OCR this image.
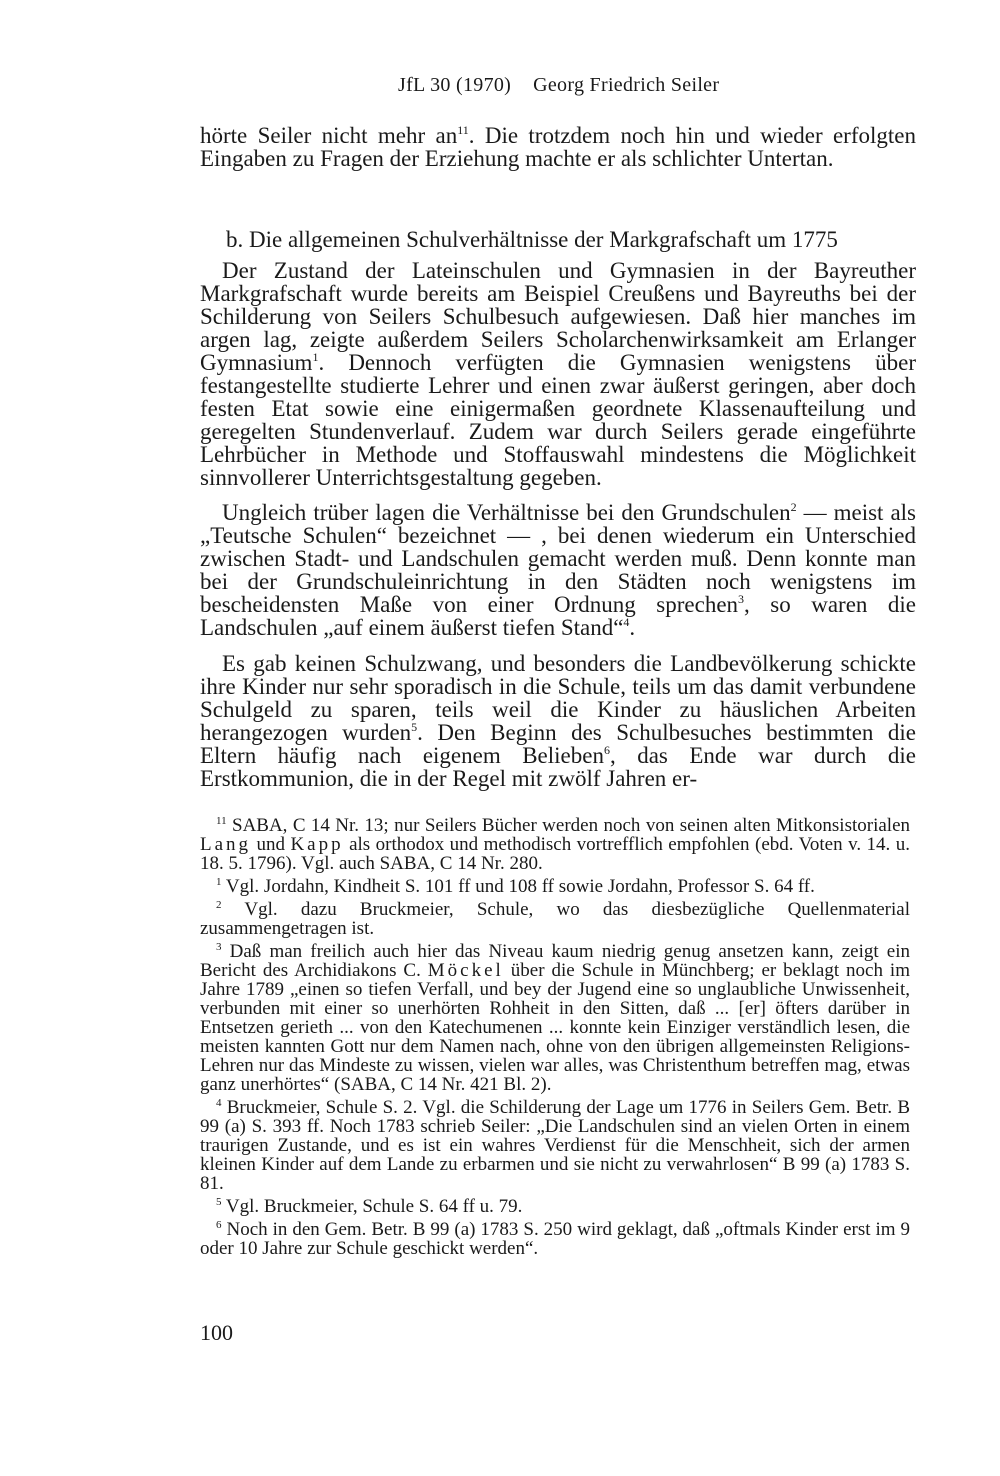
JfL 30 (1970) Georg Friedrich Seiler

hörte Seiler nicht mehr $an^{11}$. Die trotzdem noch hin und wieder erfolgten Eingaben zu Fragen der Erziehung machte er als schlichter Untertan.

b. Die allgemeinen Schulverhältnisse der Markgrafschaft um 1775

Der Zustand der Lateinschulen und Gymnasien in der Bayreuther Markgrafschaft wurde bereits am Beispiel Creußens und Bayreuths bei der Schilderung von Seilers Schulbesuch aufgewiesen. Daß hier manches im argen lag, zeigte außerdem Seilers Scholarchenwirksamkeit am Erlanger Gymnasium$^1$. Dennoch verfügten die Gymnasien wenigstens über festangestellte studierte Lehrer und einen zwar äußerst geringen, aber doch festen Etat sowie eine einigermaßen geordnete Klassenaufteilung und geregelten Stundenverlauf. Zudem war durch Seilers gerade eingeführte Lehrbücher in Methode und Stoffauswahl mindestens die Möglichkeit sinnvollerer Unterrichtsgestaltung gegeben.

Ungleich trüber lagen die Verhältnisse bei den Grundschulen$^2$ — meist als „Teutsche Schulen“ bezeichnet — , bei denen wiederum ein Unterschied zwischen Stadt- und Landschulen gemacht werden muß. Denn konnte man bei der Grundschuleinrichtung in den Städten noch wenigstens im bescheidensten Maße von einer Ordnung sprechen$^3$, so waren die Landschulen „auf einem äußerst tiefen Stand“$^4$.

Es gab keinen Schulzwang, und besonders die Landbevölkerung schickte ihre Kinder nur sehr sporadisch in die Schule, teils um das damit verbundene Schulgeld zu sparen, teils weil die Kinder zu häuslichen Arbeiten herangezogen wurden$^5$. Den Beginn des Schulbesuches bestimmten die Eltern häufig nach eigenem Belieben$^6$, das Ende war durch die Erstkommunion, die in der Regel mit zwölf Jahren er-

$^{11}$ SABA, C 14 Nr. 13; nur Seilers Bücher werden noch von seinen alten Mitkonsistorialen Lang und Kapp als orthodox und methodisch vortrefflich empfohlen (ebd. Voten v. 14. u. 18. 5. 1796). Vgl. auch SABA, C 14 Nr. 280.

$^1$ Vgl. Jordahn, Kindheit S. 101 ff und 108 ff sowie Jordahn, Professor S. 64 ff.

$^2$ Vgl. dazu Bruckmeier, Schule, wo das diesbezügliche Quellenmaterial zusammengetragen ist.

$^3$ Daß man freilich auch hier das Niveau kaum niedrig genug ansetzen kann, zeigt ein Bericht des Archidiakons C. Möckel über die Schule in Münchberg; er beklagt noch im Jahre 1789 „einen so tiefen Verfall, und bey der Jugend eine so unglaubliche Unwissenheit, verbunden mit einer so unerhörten Rohheit in den Sitten, daß ... [er] öfters darüber in Entsetzen gerieth ... von den Katechumenen ... konnte kein Einziger verständlich lesen, die meisten kannten Gott nur dem Namen nach, ohne von den übrigen allgemeinsten Religions-Lehren nur das Mindeste zu wissen, vielen war alles, was Christenthum betreffen mag, etwas ganz unerhörtes“ (SABA, C 14 Nr. 421 Bl. 2).

$^4$ Bruckmeier, Schule S. 2. Vgl. die Schilderung der Lage um 1776 in Seilers Gem. Betr. B 99 (a) S. 393 ff. Noch 1783 schrieb Seiler: „Die Landschulen sind an vielen Orten in einem traurigen Zustande, und es ist ein wahres Verdienst für die Menschheit, sich der armen kleinen Kinder auf dem Lande zu erbarmen und sie nicht zu verwahrlosen“ B 99 (a) 1783 S. 81.

$^5$ Vgl. Bruckmeier, Schule S. 64 ff u. 79.

$^6$ Noch in den Gem. Betr. B 99 (a) 1783 S. 250 wird geklagt, daß „oftmals Kinder erst im 9 oder 10 Jahre zur Schule geschickt werden“.

100
